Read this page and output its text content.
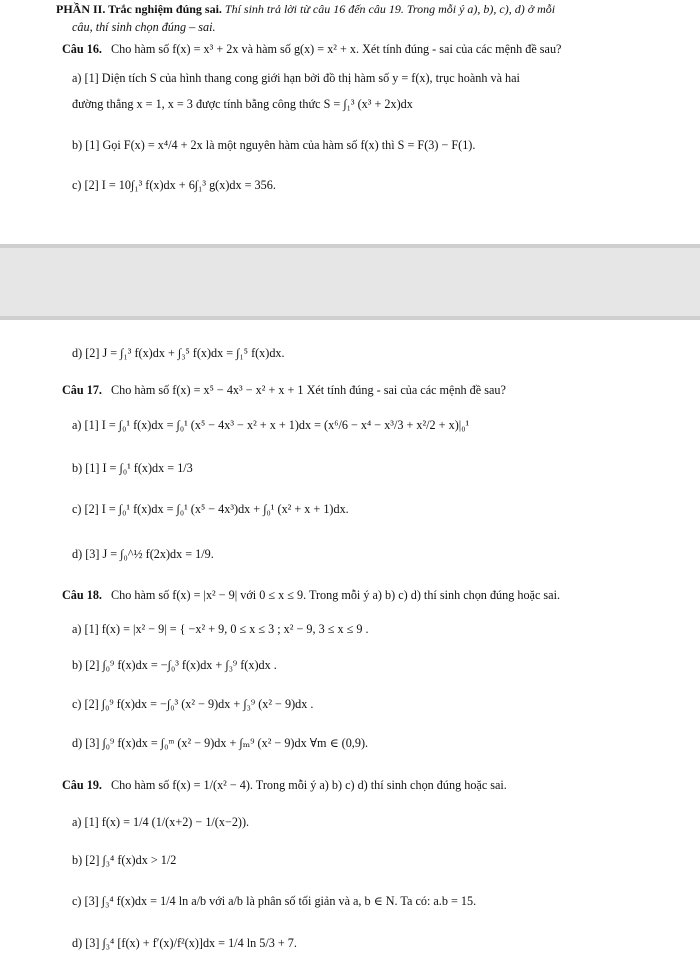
PHẦN II. Trắc nghiệm đúng sai. Thí sinh trả lời từ câu 16 đến câu 19. Trong mỗi ý a), b), c), d) ở mỗi
câu, thí sinh chọn đúng – sai.
Câu 16. Cho hàm số f(x) = x³ + 2x và hàm số g(x) = x² + x. Xét tính đúng - sai của các mệnh đề sau?
a) [1] Diện tích S của hình thang cong giới hạn bởi đồ thị hàm số y = f(x), trục hoành và hai
đường thẳng x = 1, x = 3 được tính bằng công thức S = ∫₁³ (x³ + 2x)dx
b) [1] Gọi F(x) = x⁴/4 + 2x là một nguyên hàm của hàm số f(x) thì S = F(3) − F(1).
c) [2] I = 10∫₁³ f(x)dx + 6∫₁³ g(x)dx = 356.
d) [2] J = ∫₁³ f(x)dx + ∫₃⁵ f(x)dx = ∫₁⁵ f(x)dx.
Câu 17. Cho hàm số f(x) = x⁵ − 4x³ − x² + x + 1 Xét tính đúng - sai của các mệnh đề sau?
a) [1] I = ∫₀¹ f(x)dx = ∫₀¹ (x⁵ − 4x³ − x² + x + 1)dx = (x⁶/6 − x⁴ − x³/3 + x²/2 + x)|₀¹
b) [1] I = ∫₀¹ f(x)dx = 1/3
c) [2] I = ∫₀¹ f(x)dx = ∫₀¹ (x⁵ − 4x³)dx + ∫₀¹ (x² + x + 1)dx.
d) [3] J = ∫₀^½ f(2x)dx = 1/9.
Câu 18. Cho hàm số f(x) = |x² − 9| với 0 ≤ x ≤ 9. Trong mỗi ý a) b) c) d) thí sinh chọn đúng hoặc sai.
a) [1] f(x) = |x² − 9| = { −x² + 9, 0 ≤ x ≤ 3 ; x² − 9, 3 ≤ x ≤ 9 .
b) [2] ∫₀⁹ f(x)dx = −∫₀³ f(x)dx + ∫₃⁹ f(x)dx .
c) [2] ∫₀⁹ f(x)dx = −∫₀³ (x² − 9)dx + ∫₃⁹ (x² − 9)dx .
d) [3] ∫₀⁹ f(x)dx = ∫₀ᵐ (x² − 9)dx + ∫ₘ⁹ (x² − 9)dx ∀m ∈ (0,9).
Câu 19. Cho hàm số f(x) = 1/(x² − 4). Trong mỗi ý a) b) c) d) thí sinh chọn đúng hoặc sai.
a) [1] f(x) = 1/4 (1/(x+2) − 1/(x−2)).
b) [2] ∫₃⁴ f(x)dx > 1/2
c) [3] ∫₃⁴ f(x)dx = 1/4 ln a/b với a/b là phân số tối giản và a, b ∈ N. Ta có: a.b = 15.
d) [3] ∫₃⁴ [f(x) + f′(x)/f²(x)]dx = 1/4 ln 5/3 + 7.
